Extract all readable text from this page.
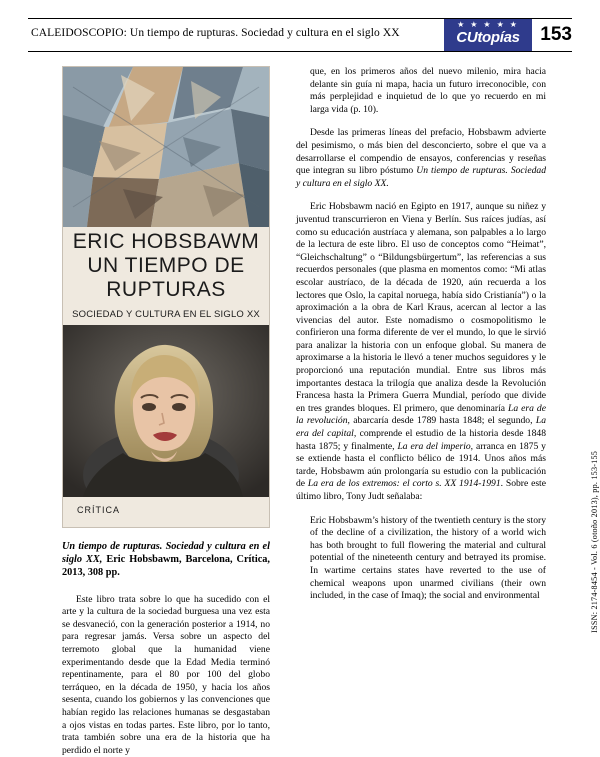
CALEIDOSCOPIO: Un tiempo de rupturas. Sociedad y cultura en el siglo XX
★ ★ ★ ★ ★
CUtopías	153
ERIC HOBSBAWM
UN TIEMPO DE
RUPTURAS
SOCIEDAD Y CULTURA EN EL SIGLO XX
CRÍTICA
Un tiempo de rupturas. Sociedad y cultura en el siglo XX, Eric Hobsbawm, Barcelona, Crítica, 2013, 308 pp.
Este libro trata sobre lo que ha sucedido con el arte y la cultura de la sociedad burguesa una vez esta se desvaneció, con la generación posterior a 1914, no para regresar jamás. Versa sobre un aspecto del terremoto global que la humanidad viene experimentando desde que la Edad Media terminó repentinamente, para el 80 por 100 del globo terráqueo, en la década de 1950, y hacia los años sesenta, cuando los gobiernos y las convenciones que habían regido las relaciones humanas se desgastaban a ojos vistas en todas partes. Este libro, por lo tanto, trata también sobre una era de la historia que ha perdido el norte y

que, en los primeros años del nuevo milenio, mira hacia delante sin guía ni mapa, hacia un futuro irreconocible, con más perplejidad e inquietud de lo que yo recuerdo en mi larga vida (p. 10).

Desde las primeras líneas del prefacio, Hobsbawm advierte del pesimismo, o más bien del desconcierto, sobre el que va a desarrollarse el compendio de ensayos, conferencias y reseñas que integran su libro póstumo Un tiempo de rupturas. Sociedad y cultura en el siglo XX.

Eric Hobsbawm nació en Egipto en 1917, aunque su niñez y juventud transcurrieron en Viena y Berlín. Sus raíces judías, así como su educación austríaca y alemana, son palpables a lo largo de la lectura de este libro. El uso de conceptos como “Heimat”, “Gleichschaltung” o “Bildungsbürgertum”, las referencias a sus recuerdos personales (que plasma en momentos como: “Mi atlas escolar austríaco, de la década de 1920, aún recuerda a los lectores que Oslo, la capital noruega, había sido Cristianía”) o la aproximación a la obra de Karl Kraus, acercan al lector a las vivencias del autor. Este nomadismo o cosmopolitismo le confirieron una forma diferente de ver el mundo, lo que le sirvió para analizar la historia con un enfoque global. Su manera de aproximarse a la historia le llevó a tener muchos seguidores y le proporcionó una reputación mundial. Entre sus libros más importantes destaca la trilogía que analiza desde la Revolución Francesa hasta la Primera Guerra Mundial, período que divide en tres grandes bloques. El primero, que denominaría La era de la revolución, abarcaría desde 1789 hasta 1848; el segundo, La era del capital, comprende el estudio de la historia desde 1848 hasta 1875; y finalmente, La era del imperio, arranca en 1875 y se extiende hasta el conflicto bélico de 1914. Unos años más tarde, Hobsbawm aún prolongaría su estudio con la publicación de La era de los extremos: el corto s. XX 1914-1991. Sobre este último libro, Tony Judt señalaba:

Eric Hobsbawm’s history of the twentieth century is the story of the decline of a civilization, the history of a world wich has both brought to full flowering the material and cultural potential of the nineteenth century and betrayed its promise. In wartime certains states have reverted to the use of chemical weapons upon unarmed civilians (their own included, in the case of Imaq); the social and environmental	ISSN: 2174-8454 - Vol. 6 (otoño 2013), pp. 153-155
